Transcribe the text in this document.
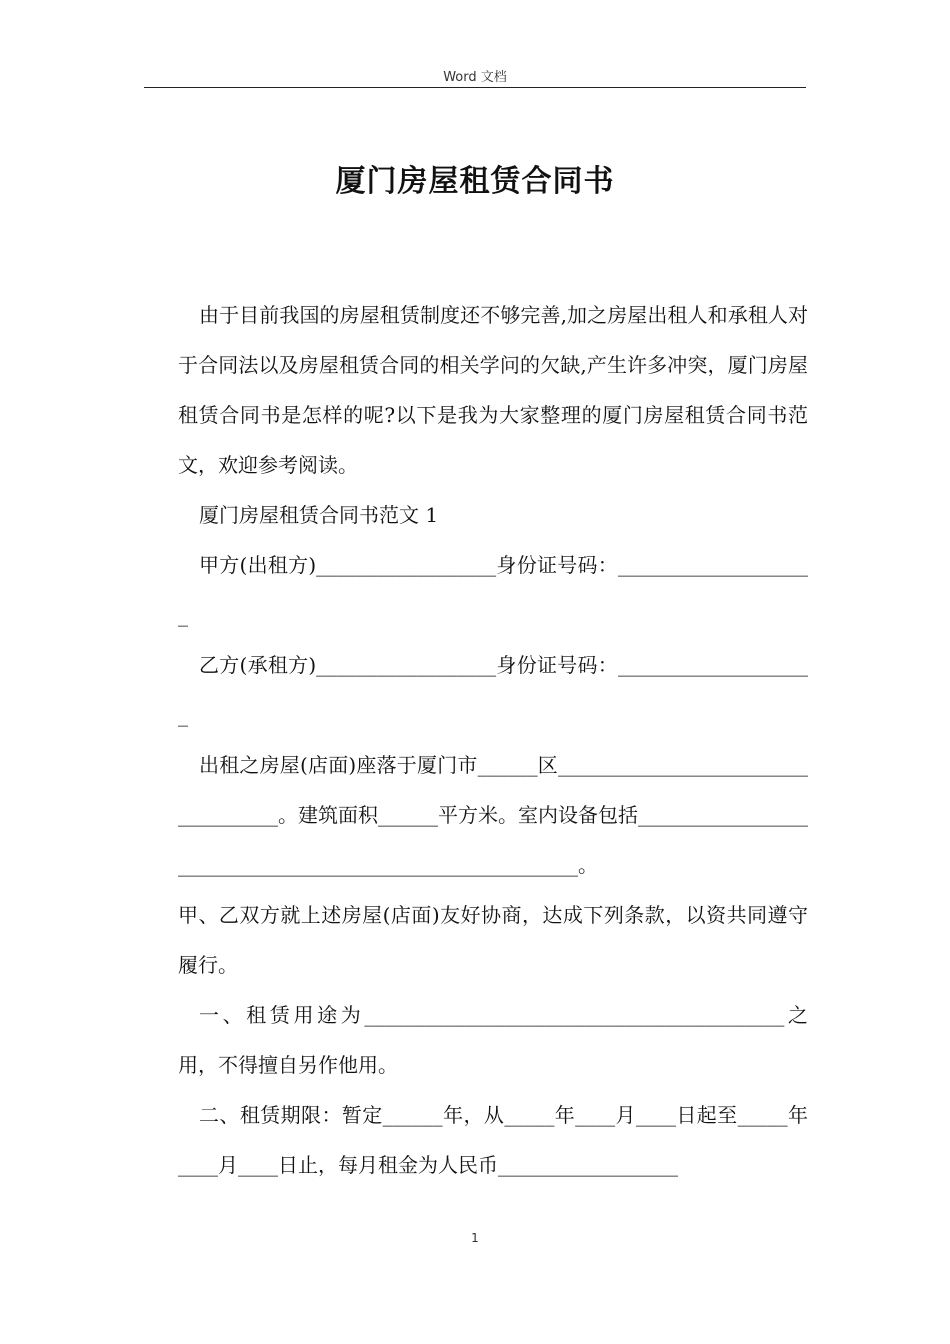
Word 文档
厦门房屋租赁合同书

由于目前我国的房屋租赁制度还不够完善,加之房屋出租人和承租人对于合同法以及房屋租赁合同的相关学问的欠缺,产生许多冲突，厦门房屋租赁合同书是怎样的呢?以下是我为大家整理的厦门房屋租赁合同书范文，欢迎参考阅读。

厦门房屋租赁合同书范文 1

甲方(出租方)__________________身份证号码：____________________

乙方(承租方)__________________身份证号码：____________________

出租之房屋(店面)座落于厦门市______区___________________________________。建筑面积______平方米。室内设备包括_________________________________________________________。

甲、乙双方就上述房屋(店面)友好协商，达成下列条款，以资共同遵守履行。

一、租赁用途为__________________________________________之用，不得擅自另作他用。

二、租赁期限：暂定______年，从_____年____月____日起至_____年____月____日止，每月租金为人民币__________________

1
